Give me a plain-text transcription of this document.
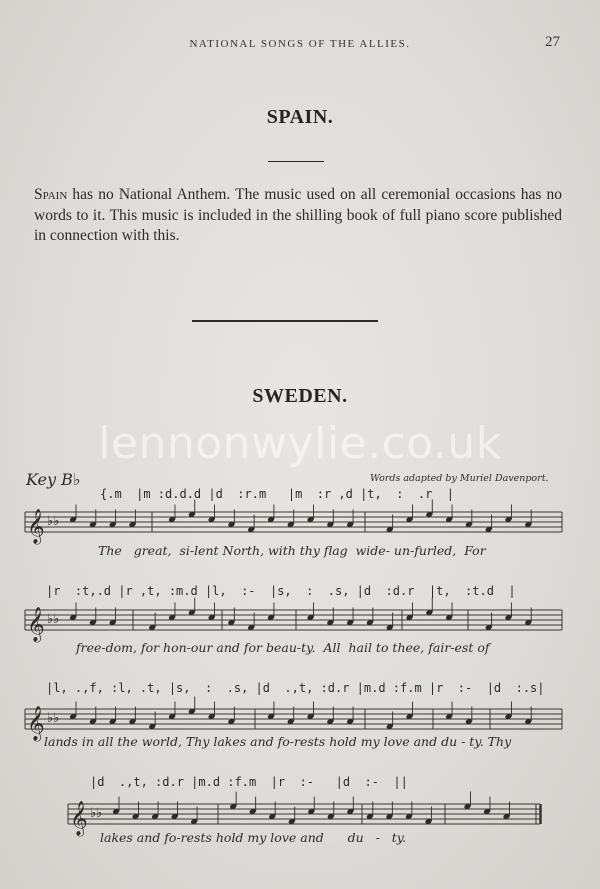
NATIONAL SONGS OF THE ALLIES.	27
SPAIN.
Spain has no National Anthem. The music used on all ceremonial occasions has no words to it. This music is included in the shilling book of full piano score published in connection with this.
SWEDEN.
lennonwylie.co.uk
Key B♭	Words adapted by Muriel Davenport.
{.m  |m :d.d.d |d  :r.m   |m  :r ,d |t,  :  .r  |
𝄞 ♭♭
The   great,  si-lent North, with thy flag  wide- un-furled,  For
|r  :t,.d |r ,t, :m.d |l,  :-  |s,  :  .s, |d  :d.r  |t,  :t.d  |
𝄞 ♭♭
free-dom, for hon-our and for beau-ty.  All  hail to thee, fair-est of
|l, .,f, :l, .t, |s,  :  .s, |d  .,t, :d.r |m.d :f.m |r  :-  |d  :.s|
𝄞 ♭♭
lands in all the world, Thy lakes and fo-rests hold my love and du - ty. Thy
|d  .,t, :d.r |m.d :f.m  |r  :-   |d  :-  ||
𝄞 ♭♭
lakes and fo-rests hold my love and      du   -   ty.
